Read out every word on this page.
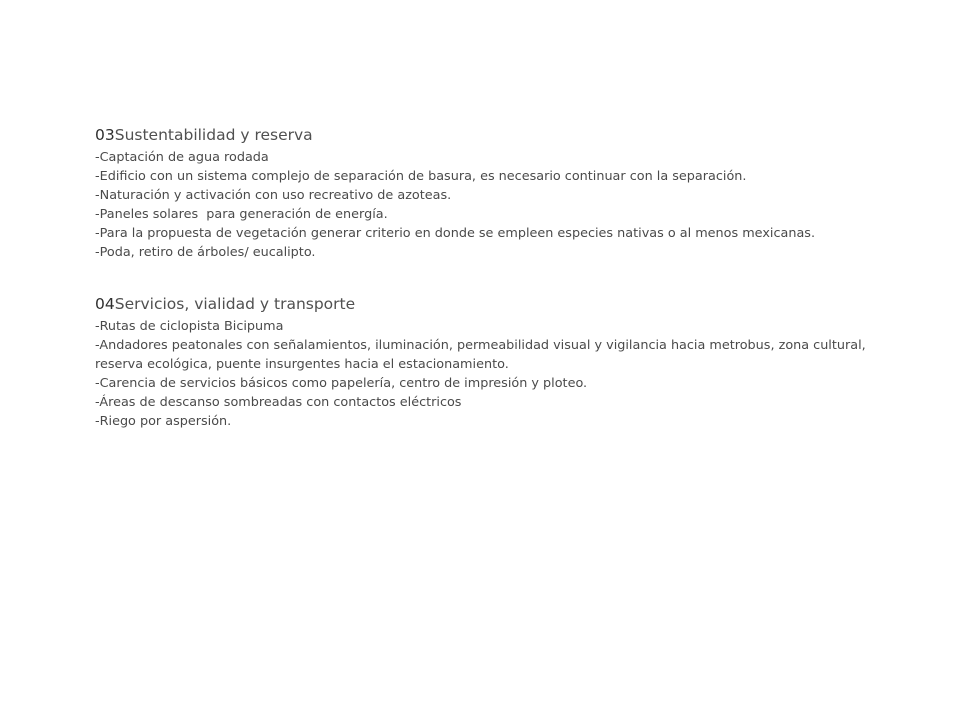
03Sustentabilidad y reserva
-Captación de agua rodada
-Edificio con un sistema complejo de separación de basura, es necesario continuar con la separación.
-Naturación y activación con uso recreativo de azoteas.
-Paneles solares  para generación de energía.
-Para la propuesta de vegetación generar criterio en donde se empleen especies nativas o al menos mexicanas.
-Poda, retiro de árboles/ eucalipto.
04Servicios, vialidad y transporte
-Rutas de ciclopista Bicipuma
-Andadores peatonales con señalamientos, iluminación, permeabilidad visual y vigilancia hacia metrobus, zona cultural,
reserva ecológica, puente insurgentes hacia el estacionamiento.
-Carencia de servicios básicos como papelería, centro de impresión y ploteo.
-Áreas de descanso sombreadas con contactos eléctricos
-Riego por aspersión.
